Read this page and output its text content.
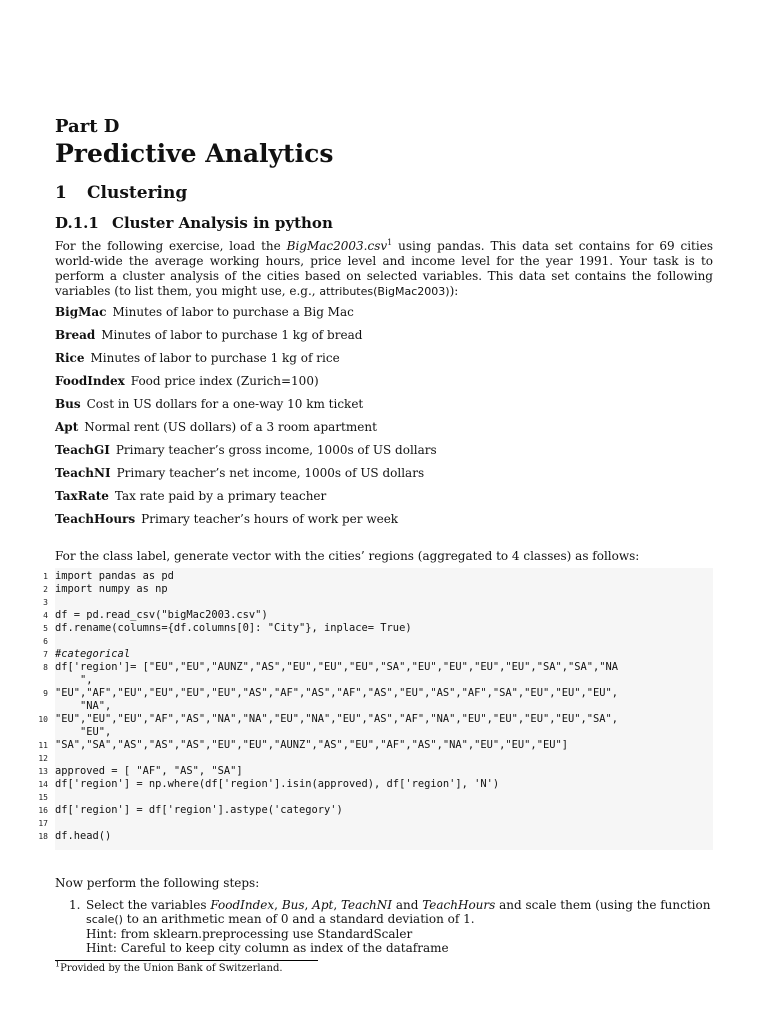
Part D
Predictive Analytics
1 Clustering
D.1.1 Cluster Analysis in python
For the following exercise, load the BigMac2003.csv$^1$ using pandas. This data set contains for 69 cities world-wide the average working hours, price level and income level for the year 1991. Your task is to perform a cluster analysis of the cities based on selected variables. This data set contains the following variables (to list them, you might use, e.g., attributes(BigMac2003)):
BigMac Minutes of labor to purchase a Big Mac
Bread Minutes of labor to purchase 1 kg of bread
Rice Minutes of labor to purchase 1 kg of rice
FoodIndex Food price index (Zurich=100)
Bus Cost in US dollars for a one-way 10 km ticket
Apt Normal rent (US dollars) of a 3 room apartment
TeachGI Primary teacher’s gross income, 1000s of US dollars
TeachNI Primary teacher’s net income, 1000s of US dollars
TaxRate Tax rate paid by a primary teacher
TeachHours Primary teacher’s hours of work per week
For the class label, generate vector with the cities’ regions (aggregated to 4 classes) as follows:
1
2
3
4
5
6
7
8
9
10
11
12
13
14
15
16
17
18
import pandas as pd
import numpy as np
df = pd.read_csv("bigMac2003.csv")
df.rename(columns={df.columns[0]: "City"}, inplace= True)
#categorical
df['region']= ["EU","EU","AUNZ","AS","EU","EU","EU","SA","EU","EU","EU","EU","SA","SA","NA
",
"EU","AF","EU","EU","EU","EU","AS","AF","AS","AF","AS","EU","AS","AF","SA","EU","EU","EU",
"NA",
"EU","EU","EU","AF","AS","NA","NA","EU","NA","EU","AS","AF","NA","EU","EU","EU","EU","SA",
"EU",
"SA","SA","AS","AS","AS","EU","EU","AUNZ","AS","EU","AF","AS","NA","EU","EU","EU"]
approved = [ "AF", "AS", "SA"]
df['region'] = np.where(df['region'].isin(approved), df['region'], 'N')
df['region'] = df['region'].astype('category')
df.head()
Now perform the following steps:
1. Select the variables FoodIndex, Bus, Apt, TeachNI and TeachHours and scale them (using the function scale() to an arithmetic mean of 0 and a standard deviation of 1.
Hint: from sklearn.preprocessing use StandardScaler
Hint: Careful to keep city column as index of the dataframe
$^1$Provided by the Union Bank of Switzerland.
